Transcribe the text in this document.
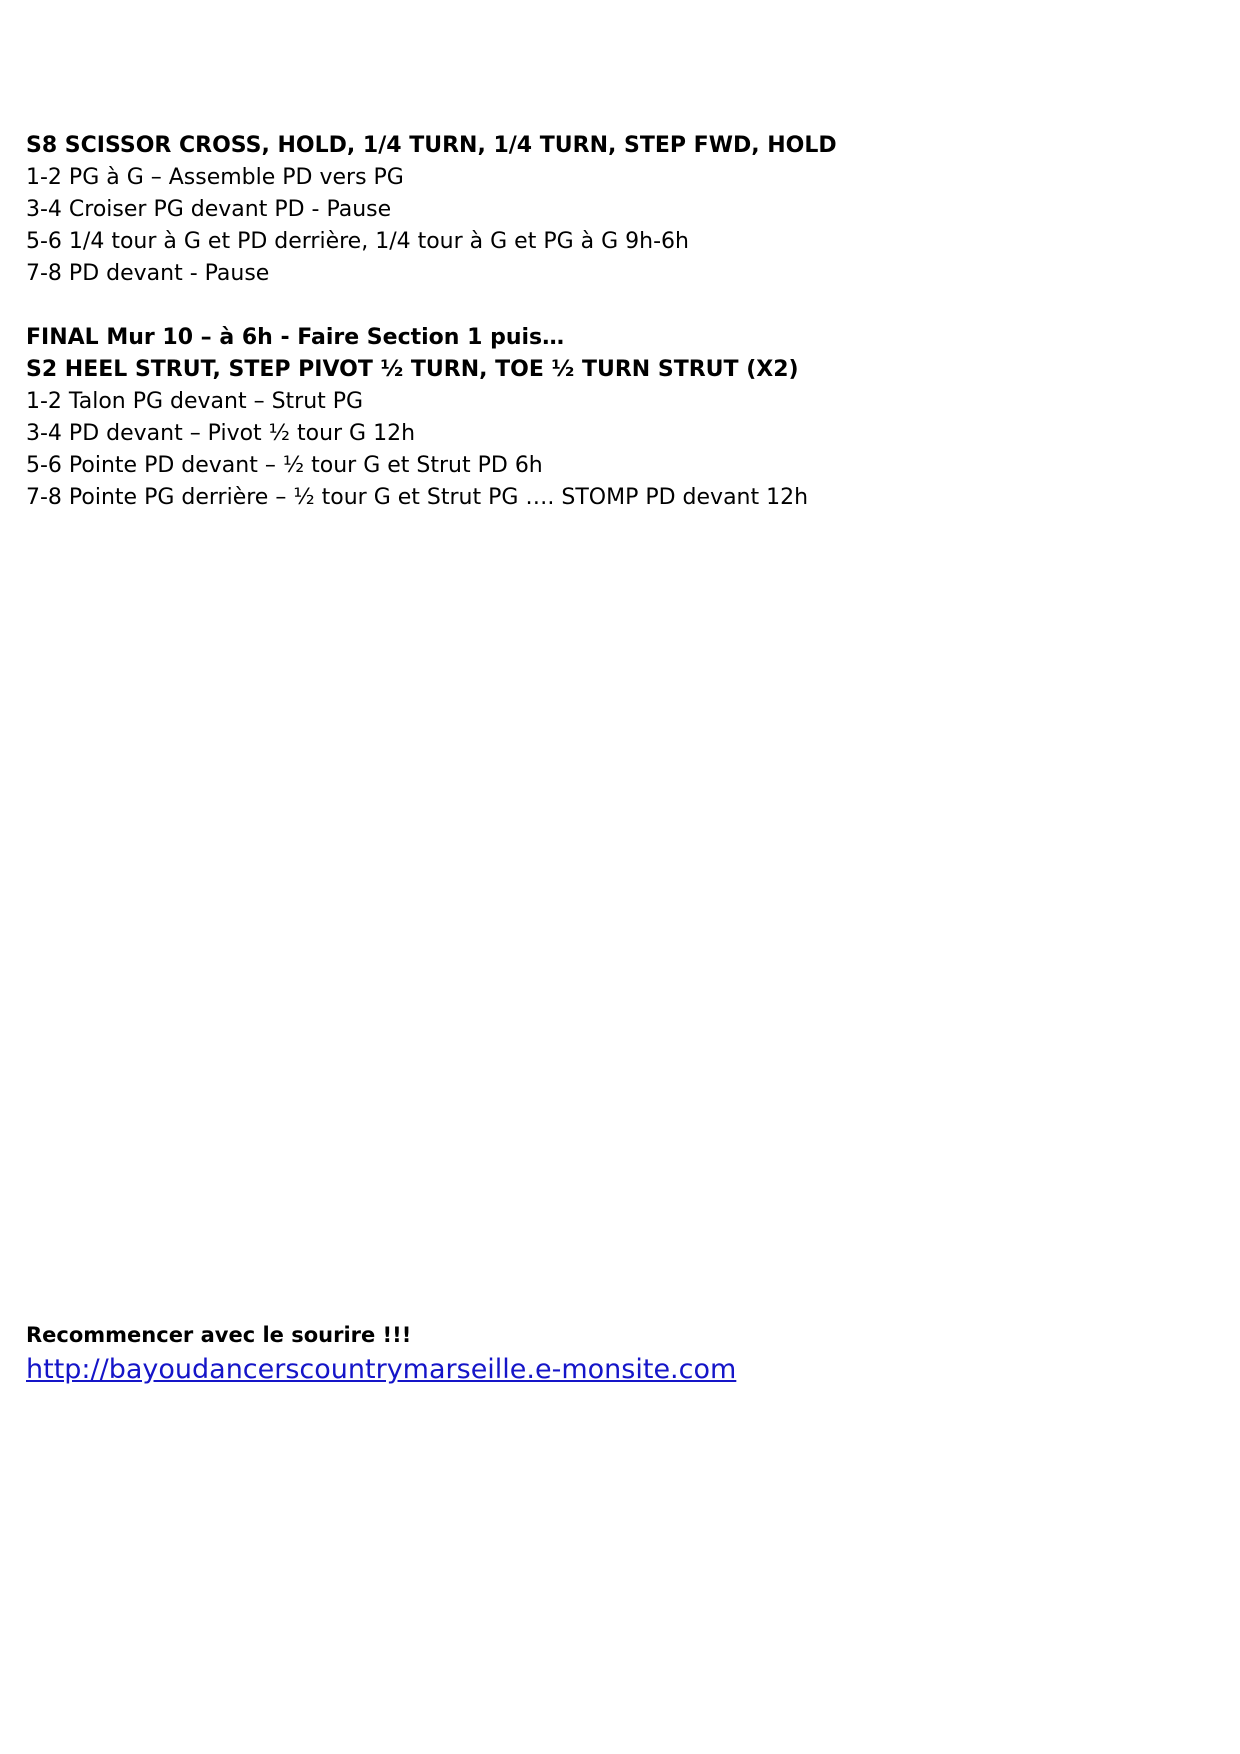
S8 SCISSOR CROSS, HOLD, 1/4 TURN, 1/4 TURN, STEP FWD, HOLD
1-2 PG à G – Assemble PD vers PG
3-4 Croiser PG devant PD - Pause
5-6 1/4 tour à G et PD derrière, 1/4 tour à G et PG à G 9h-6h
7-8 PD devant - Pause
FINAL Mur 10 – à 6h - Faire Section 1 puis…
S2 HEEL STRUT, STEP PIVOT ½ TURN, TOE ½ TURN STRUT (X2)
1-2 Talon PG devant – Strut PG
3-4 PD devant – Pivot ½ tour G 12h
5-6 Pointe PD devant – ½ tour G et Strut PD 6h
7-8 Pointe PG derrière – ½ tour G et Strut PG …. STOMP PD devant 12h
Recommencer avec le sourire !!!
http://bayoudancerscountrymarseille.e-monsite.com
